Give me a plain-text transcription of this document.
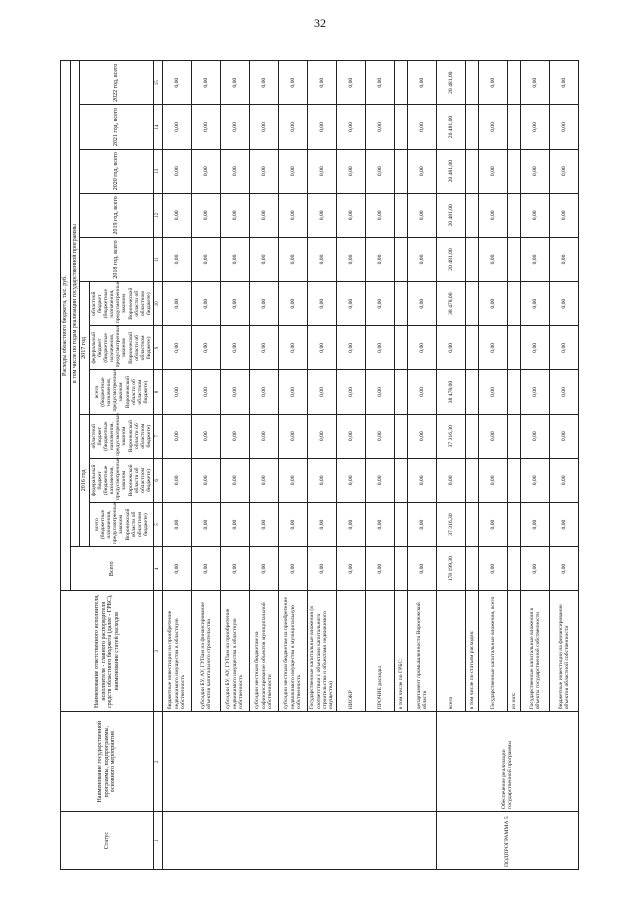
32
Статус	Наименование государственной программы, подпрограммы, основного мероприятия	Наименование ответственного исполнителя, исполнителя - главного распорядителя средств областного бюджета (далее - ГРБС), наименование статей расходов	Расходы областного бюджета, тыс. руб.											
			Всего	в том числе по годам реализации государственной программы										
				2016 год			2017 год			2018 год, всего	2019 год, всего	2020 год, всего	2021 год, всего	2022 год, всего
				всего (бюджетные назначения, предусмотренные законом Воронежской области об областном бюджете)	федеральный бюджет (бюджетные назначения, предусмотренные законом Воронежской области об областном бюджете)	областной бюджет (бюджетные назначения, предусмотренные законом Воронежской области об областном бюджете)	всего (бюджетные назначения, предусмотренные законом Воронежской области об областном бюджете)	федеральный бюджет (бюджетные назначения, предусмотренные законом Воронежской области об областном бюджете)	областной бюджет (бюджетные назначения, предусмотренные законом Воронежской области об областном бюджете)					
1	2	3	4	5	6	7	8	9	10	11	12	13	14	15
		бюджетные инвестиции на приобретение недвижимого имущества в областную собственность	0,00	0,00	0,00	0,00	0,00	0,00	0,00	0,00	0,00	0,00	0,00	0,00
		субсидии БУ, АУ, ГУПам на финансирование объектов капитального строительства	0,00	0,00	0,00	0,00	0,00	0,00	0,00	0,00	0,00	0,00	0,00	0,00
		субсидии БУ, АУ, ГУПам на приобретение недвижимого имущества в областную собственность	0,00	0,00	0,00	0,00	0,00	0,00	0,00	0,00	0,00	0,00	0,00	0,00
		субсидии местным бюджетам на софинансирование объектов муниципальной собственности	0,00	0,00	0,00	0,00	0,00	0,00	0,00	0,00	0,00	0,00	0,00	0,00
		субсидии местным бюджетам на приобретение недвижимого имущества в муниципальную собственность	0,00	0,00	0,00	0,00	0,00	0,00	0,00	0,00	0,00	0,00	0,00	0,00
		Государственные капитальные вложения (в соответствии с объектами капитального строительства и объектами недвижимого имущества)	0,00	0,00	0,00	0,00	0,00	0,00	0,00	0,00	0,00	0,00	0,00	0,00
		НИОКР	0,00	0,00	0,00	0,00	0,00	0,00	0,00	0,00	0,00	0,00	0,00	0,00
		ПРОЧИЕ расходы	0,00	0,00	0,00	0,00	0,00	0,00	0,00	0,00	0,00	0,00	0,00	0,00
		в том числе по ГРБС:												
		департамент промышленности Воронежской области	0,00	0,00	0,00	0,00	0,00	0,00	0,00	0,00	0,00	0,00	0,00	0,00
ПОДПРОГРАММА 5	Обеспечение реализации государственной программы	всего	178 199,30	37 316,30	0,00	37 316,30	38 478,00	0,00	38 478,00	20 481,00	20 481,00	20 481,00	20 481,00	20 481,00
		в том числе по статьям расходов:												
		Государственные капитальные вложения, всего	0,00	0,00	0,00	0,00	0,00	0,00	0,00	0,00	0,00	0,00	0,00	0,00
		из них:												
		Государственные капитальные вложения в объекты государственной собственности	0,00	0,00	0,00	0,00	0,00	0,00	0,00	0,00	0,00	0,00	0,00	0,00
		бюджетные инвестиции на финансирование объектов областной собственности	0,00	0,00	0,00	0,00	0,00	0,00	0,00	0,00	0,00	0,00	0,00	0,00
